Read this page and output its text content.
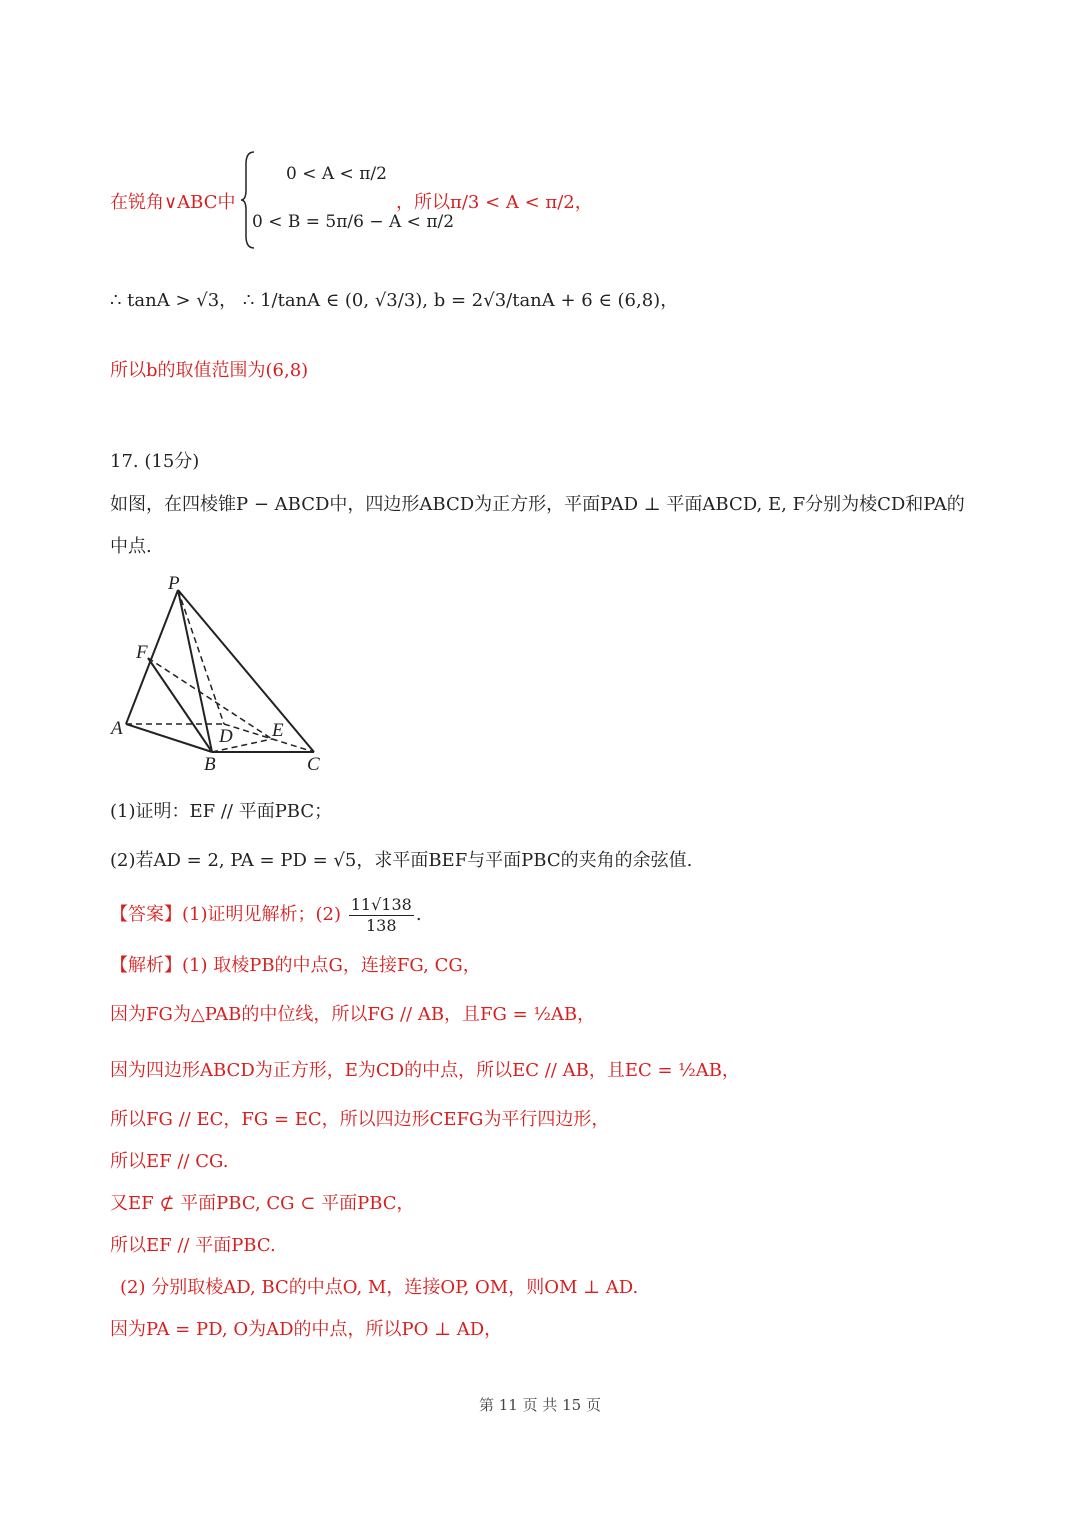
在锐角∨ABC中
0 < A < π/2
0 < B = 5π/6 − A < π/2
，所以π/3 < A < π/2，
∴ tanA > √3， ∴ 1/tanA ∈ (0, √3/3), b = 2√3/tanA + 6 ∈ (6,8)，
所以b的取值范围为(6,8)
17. (15分)
如图，在四棱锥P − ABCD中，四边形ABCD为正方形，平面PAD ⊥ 平面ABCD, E, F分别为棱CD和PA的
中点.
P
F
A	D E
B	C
(1)证明：EF // 平面PBC；
(2)若AD = 2, PA = PD = √5，求平面BEF与平面PBC的夹角的余弦值.
【答案】(1)证明见解析；$(2) \frac{11√138}{138}$ .
【解析】(1) 取棱PB的中点G，连接FG, CG，
因为FG为△PAB的中位线，所以FG // AB，且FG = ½AB，
因为四边形ABCD为正方形，E为CD的中点，所以EC // AB，且EC = ½AB，
所以FG // EC，FG = EC，所以四边形CEFG为平行四边形，
所以EF // CG.
又EF ⊄ 平面PBC, CG ⊂ 平面PBC，
所以EF // 平面PBC.
(2) 分别取棱AD, BC的中点O, M，连接OP, OM，则OM ⊥ AD.
因为PA = PD, O为AD的中点，所以PO ⊥ AD，
第 11 页 共 15 页
